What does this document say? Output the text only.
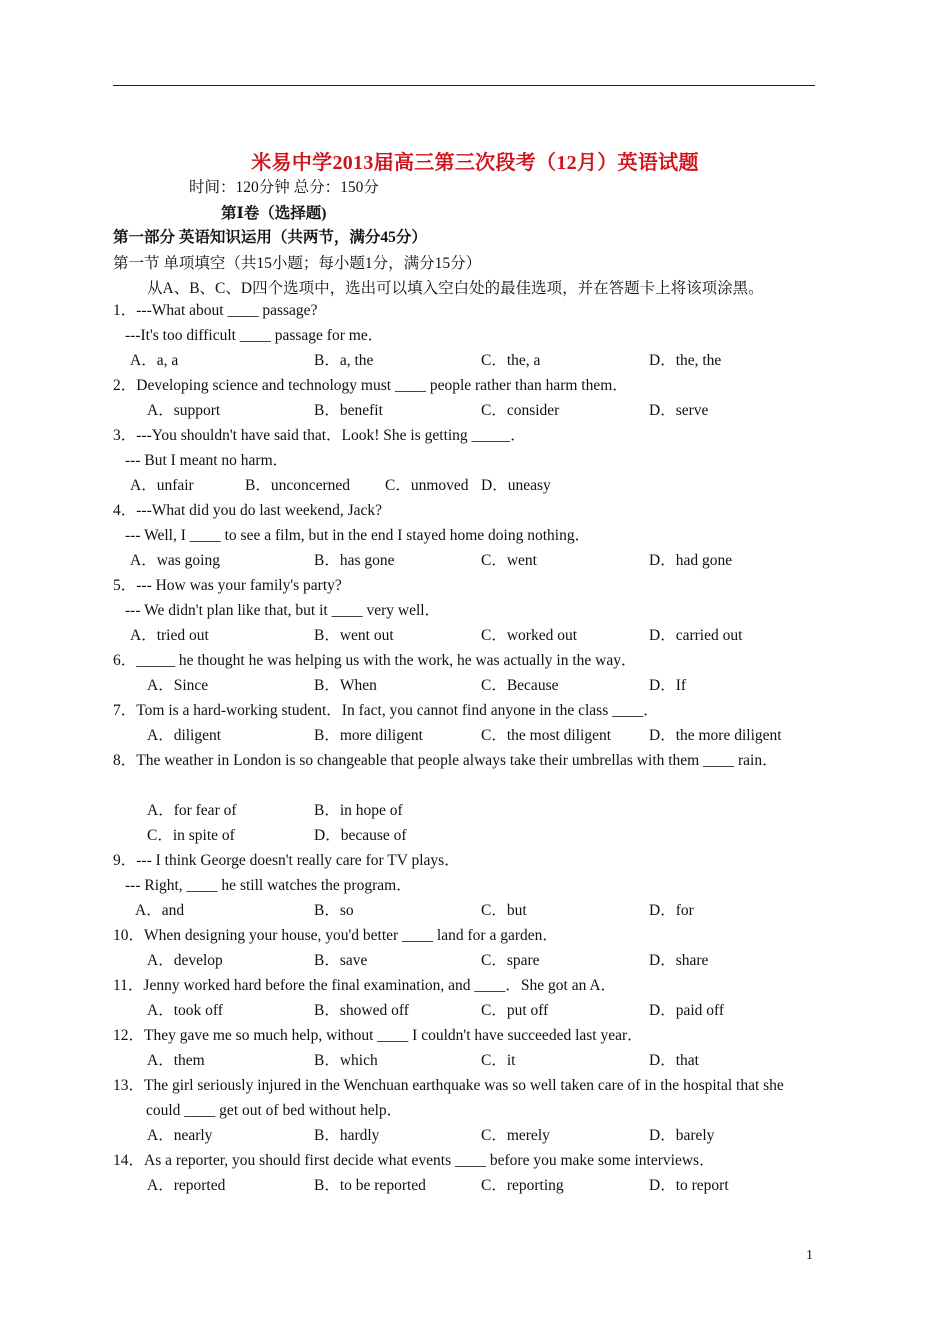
米易中学2013届高三第三次段考（12月）英语试题
时间：120分钟 总分：150分
第Ⅰ卷（选择题)
第一部分 英语知识运用（共两节，满分45分）
第一节 单项填空（共15小题；每小题1分，满分15分）
从A、B、C、D四个选项中，选出可以填入空白处的最佳选项，并在答题卡上将该项涂黑。
1．---What about ____ passage?
---It's too difficult ____ passage for me．
A．a, a	B．a, the	C．the, a	D．the, the
2．Developing science and technology must ____ people rather than harm them．
A．support	B．benefit	C．consider	D．serve
3．---You shouldn't have said that．Look! She is getting _____．
--- But I meant no harm．
A．unfair	B．unconcerned C．unmoved D．uneasy
4．---What did you do last weekend, Jack?
--- Well, I ____ to see a film, but in the end I stayed home doing nothing．
A．was going	B．has gone	C．went	D．had gone
5．--- How was your family's party?
--- We didn't plan like that, but it ____ very well．
A．tried out	B．went out	C．worked out	D．carried out
6．_____ he thought he was helping us with the work, he was actually in the way．
A．Since	B．When	C．Because	D．If
7．Tom is a hard-working student．In fact, you cannot find anyone in the class ____．
A．diligent	B．more diligent	C．the most diligent D．the more diligent
8．The weather in London is so changeable that people always take their umbrellas with them ____ rain．
A．for fear of	B．in hope of
C．in spite of	D．because of
9．--- I think George doesn't really care for TV plays．
--- Right, ____ he still watches the program．
A．and	B．so	C．but	D．for
10．When designing your house, you'd better ____ land for a garden．
A．develop	B．save	C．spare	D．share
11．Jenny worked hard before the final examination, and ____．She got an A．
A．took off	B．showed off	C．put off	D．paid off
12．They gave me so much help, without ____ I couldn't have succeeded last year．
A．them	B．which	C．it	D．that
13．The girl seriously injured in the Wenchuan earthquake was so well taken care of in the hospital that she could ____ get out of bed without help．
A．nearly	B．hardly	C．merely	D．barely
14．As a reporter, you should first decide what events ____ before you make some interviews．
A．reported	B．to be reported	C．reporting	D．to report
1
